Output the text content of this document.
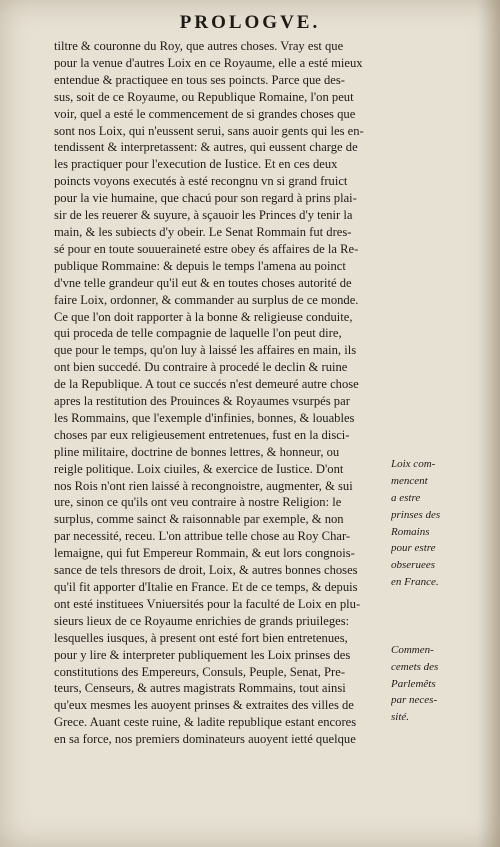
PROLOGVE.
tiltre & couronne du Roy, que autres choses. Vray est que
pour la venue d'autres Loix en ce Royaume, elle a esté mieux
entendue & practiquee en tous ses poincts. Parce que des-
sus, soit de ce Royaume, ou Republique Romaine, l'on peut
voir, quel a esté le commencement de si grandes choses que
sont nos Loix, qui n'eussent serui, sans auoir gents qui les en-
tendissent & interpretassent: & autres, qui eussent charge de
les practiquer pour l'execution de Iustice. Et en ces deux
poincts voyons executés à esté recongnu vn si grand fruict
pour la vie humaine, que chacú pour son regard à prins plai-
sir de les reuerer & suyure, à sçauoir les Princes d'y tenir la
main, & les subiects d'y obeir. Le Senat Rommain fut dres-
sé pour en toute souueraineté estre obey és affaires de la Re-
publique Rommaine: & depuis le temps l'amena au poinct
d'vne telle grandeur qu'il eut & en toutes choses autorité de
faire Loix, ordonner, & commander au surplus de ce monde.
Ce que l'on doit rapporter à la bonne & religieuse conduite,
qui proceda de telle compagnie de laquelle l'on peut dire,
que pour le temps, qu'on luy à laissé les affaires en main, ils
ont bien succedé. Du contraire à procedé le declin & ruine
de la Republique. A tout ce succés n'est demeuré autre chose
apres la restitution des Prouinces & Royaumes vsurpés par
les Rommains, que l'exemple d'infinies, bonnes, & louables
choses par eux religieusement entretenues, fust en la disci-
pline militaire, doctrine de bonnes lettres, & honneur, ou
reigle politique. Loix ciuiles, & exercice de Iustice. D'ont
nos Rois n'ont rien laissé à recongnoistre, augmenter, & sui
ure, sinon ce qu'ils ont veu contraire à nostre Religion: le
surplus, comme sainct & raisonnable par exemple, & non
par necessité, receu. L'on attribue telle chose au Roy Char-
lemaigne, qui fut Empereur Rommain, & eut lors congnois-
sance de tels thresors de droit, Loix, & autres bonnes choses
qu'il fit apporter d'Italie en France. Et de ce temps, & depuis
ont esté instituees Vniuersités pour la faculté de Loix en plu-
sieurs lieux de ce Royaume enrichies de grands priuileges:
lesquelles iusques, à present ont esté fort bien entretenues,
pour y lire & interpreter publiquement les Loix prinses des
constitutions des Empereurs, Consuls, Peuple, Senat, Pre-
teurs, Censeurs, & autres magistrats Rommains, tout ainsi
qu'eux mesmes les auoyent prinses & extraites des villes de
Grece. Auant ceste ruine, & ladite republique estant encores
en sa force, nos premiers dominateurs auoyent ietté quelque
Loix com-
mencent
a estre
prinses des
Romains
pour estre
obseruees
en France.
Commen-
cemets des
Parlemêts
par neces-
sité.
